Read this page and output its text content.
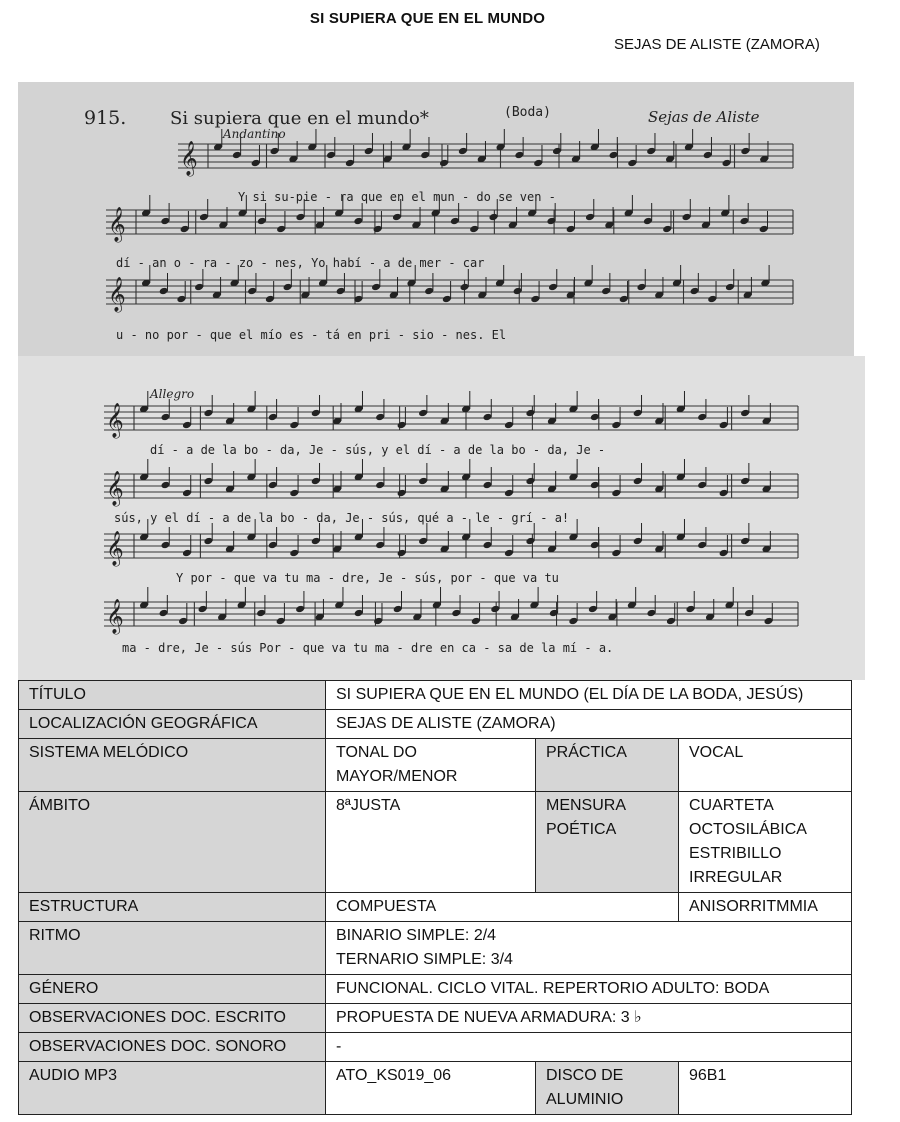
SI SUPIERA QUE EN EL MUNDO
SEJAS DE ALISTE (ZAMORA)
915. Si supiera que en el mundo*	(Boda)	Sejas de Aliste
Andantino
𝄞
𝄞
𝄞
Y si su-pie - ra que en el mun - do se ven -
dí - an o - ra - zo - nes, Yo habí - a de mer - car
u - no por - que el mío es - tá en pri - sio - nes. El
Allegro
𝄞
𝄞
𝄞
𝄞
dí - a de la bo - da, Je - sús, y el dí - a de la bo - da, Je -
sús, y el dí - a de la bo - da, Je - sús, qué a - le - grí - a!
Y por - que va tu ma - dre, Je - sús, por - que va tu
ma - dre, Je - sús Por - que va tu ma - dre en ca - sa de la mí - a.
TÍTULO	SI SUPIERA QUE EN EL MUNDO (EL DÍA DE LA BODA, JESÚS)		
LOCALIZACIÓN GEOGRÁFICA	SEJAS DE ALISTE (ZAMORA)		
SISTEMA MELÓDICO	TONAL DO MAYOR/MENOR	PRÁCTICA	VOCAL
ÁMBITO	8ªJUSTA	MENSURA POÉTICA	CUARTETA OCTOSILÁBICA ESTRIBILLO IRREGULAR
ESTRUCTURA	COMPUESTA		ANISORRITMMIA
RITMO	BINARIO SIMPLE: 2/4
TERNARIO SIMPLE: 3/4		

GÉNERO	FUNCIONAL. CICLO VITAL. REPERTORIO ADULTO: BODA		
OBSERVACIONES DOC. ESCRITO	PROPUESTA DE NUEVA ARMADURA: 3 ♭		
OBSERVACIONES DOC. SONORO	-		
AUDIO MP3	ATO_KS019_06	DISCO DE ALUMINIO	96B1
